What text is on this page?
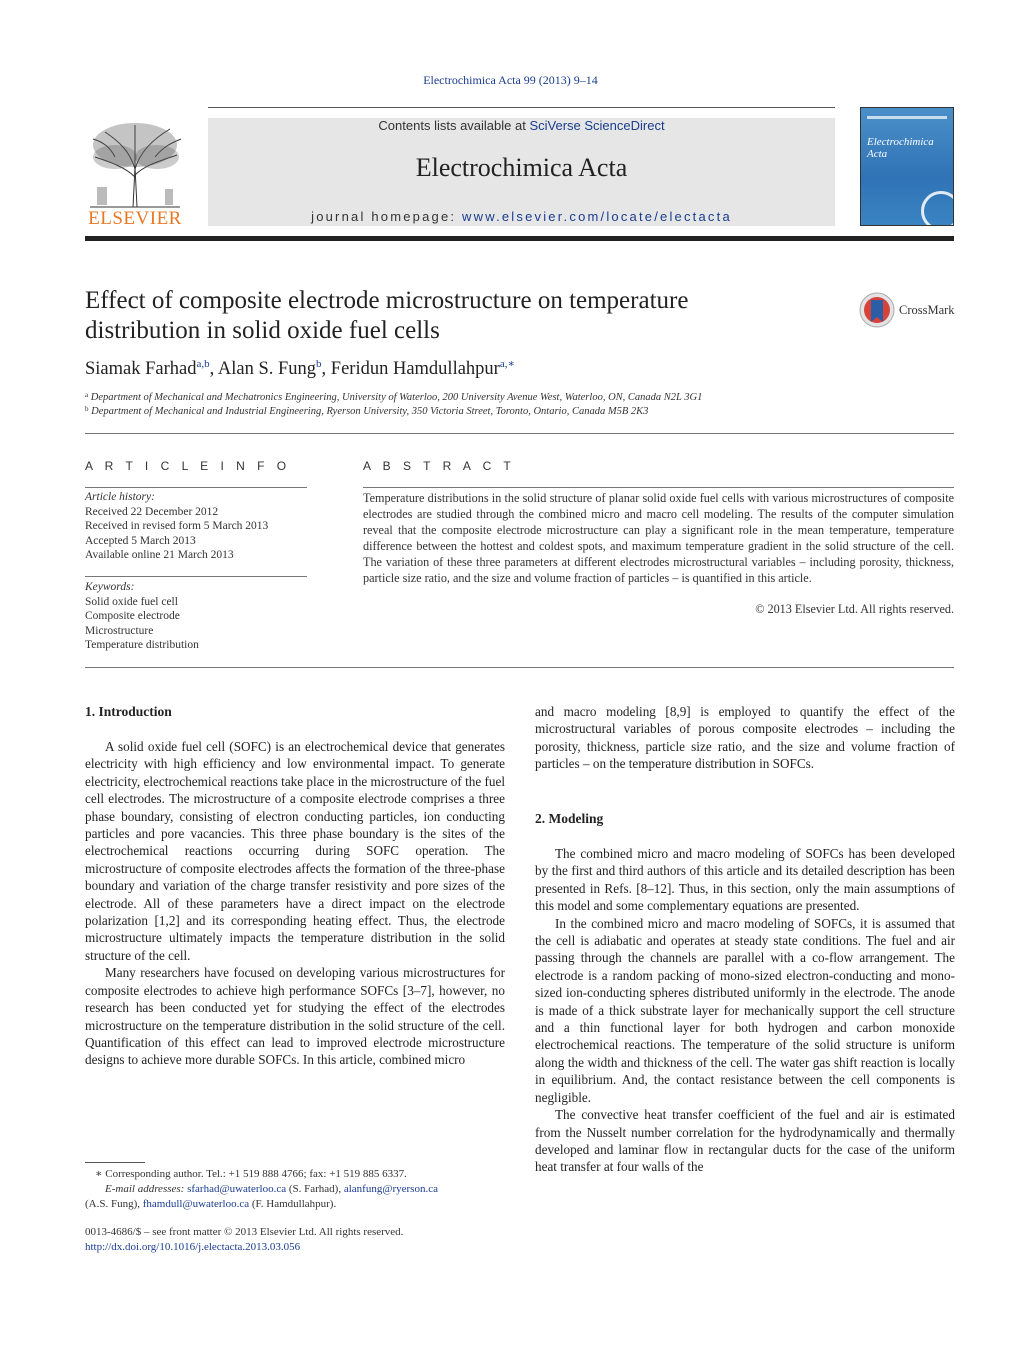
Electrochimica Acta 99 (2013) 9–14
ELSEVIER
Contents lists available at SciVerse ScienceDirect
Electrochimica Acta
journal homepage: www.elsevier.com/locate/electacta
Electrochimica Acta
Effect of composite electrode microstructure on temperature distribution in solid oxide fuel cells
CrossMark
Siamak Farhad$^{a,b}$, Alan S. Fung$^b$, Feridun Hamdullahpur$^{a,∗}$
$^a$ Department of Mechanical and Mechatronics Engineering, University of Waterloo, 200 University Avenue West, Waterloo, ON, Canada N2L 3G1
$^b$ Department of Mechanical and Industrial Engineering, Ryerson University, 350 Victoria Street, Toronto, Ontario, Canada M5B 2K3
A R T I C L E I N F O
Article history:
Received 22 December 2012
Received in revised form 5 March 2013
Accepted 5 March 2013
Available online 21 March 2013
Keywords:
Solid oxide fuel cell
Composite electrode
Microstructure
Temperature distribution
A B S T R A C T
Temperature distributions in the solid structure of planar solid oxide fuel cells with various microstructures of composite electrodes are studied through the combined micro and macro cell modeling. The results of the computer simulation reveal that the composite electrode microstructure can play a significant role in the mean temperature, temperature difference between the hottest and coldest spots, and maximum temperature gradient in the solid structure of the cell. The variation of these three parameters at different electrodes microstructural variables – including porosity, thickness, particle size ratio, and the size and volume fraction of particles – is quantified in this article.
© 2013 Elsevier Ltd. All rights reserved.
1. Introduction

A solid oxide fuel cell (SOFC) is an electrochemical device that generates electricity with high efficiency and low environmental impact. To generate electricity, electrochemical reactions take place in the microstructure of the fuel cell electrodes. The microstructure of a composite electrode comprises a three phase boundary, consisting of electron conducting particles, ion conducting particles and pore vacancies. This three phase boundary is the sites of the electrochemical reactions occurring during SOFC operation. The microstructure of composite electrodes affects the formation of the three-phase boundary and variation of the charge transfer resistivity and pore sizes of the electrode. All of these parameters have a direct impact on the electrode polarization [1,2] and its corresponding heating effect. Thus, the electrode microstructure ultimately impacts the temperature distribution in the solid structure of the cell.

Many researchers have focused on developing various microstructures for composite electrodes to achieve high performance SOFCs [3–7], however, no research has been conducted yet for studying the effect of the electrodes microstructure on the temperature distribution in the solid structure of the cell. Quantification of this effect can lead to improved electrode microstructure designs to achieve more durable SOFCs. In this article, combined micro

and macro modeling [8,9] is employed to quantify the effect of the microstructural variables of porous composite electrodes – including the porosity, thickness, particle size ratio, and the size and volume fraction of particles – on the temperature distribution in SOFCs.

2. Modeling

The combined micro and macro modeling of SOFCs has been developed by the first and third authors of this article and its detailed description has been presented in Refs. [8–12]. Thus, in this section, only the main assumptions of this model and some complementary equations are presented.

In the combined micro and macro modeling of SOFCs, it is assumed that the cell is adiabatic and operates at steady state conditions. The fuel and air passing through the channels are parallel with a co-flow arrangement. The electrode is a random packing of mono-sized electron-conducting and mono-sized ion-conducting spheres distributed uniformly in the electrode. The anode is made of a thick substrate layer for mechanically support the cell structure and a thin functional layer for both hydrogen and carbon monoxide electrochemical reactions. The temperature of the solid structure is uniform along the width and thickness of the cell. The water gas shift reaction is locally in equilibrium. And, the contact resistance between the cell components is negligible.

The convective heat transfer coefficient of the fuel and air is estimated from the Nusselt number correlation for the hydrodynamically and thermally developed and laminar flow in rectangular ducts for the case of the uniform heat transfer at four walls of the

∗ Corresponding author. Tel.: +1 519 888 4766; fax: +1 519 885 6337.
E-mail addresses: sfarhad@uwaterloo.ca (S. Farhad), alanfung@ryerson.ca
(A.S. Fung), fhamdull@uwaterloo.ca (F. Hamdullahpur).
0013-4686/$ – see front matter © 2013 Elsevier Ltd. All rights reserved.
http://dx.doi.org/10.1016/j.electacta.2013.03.056
